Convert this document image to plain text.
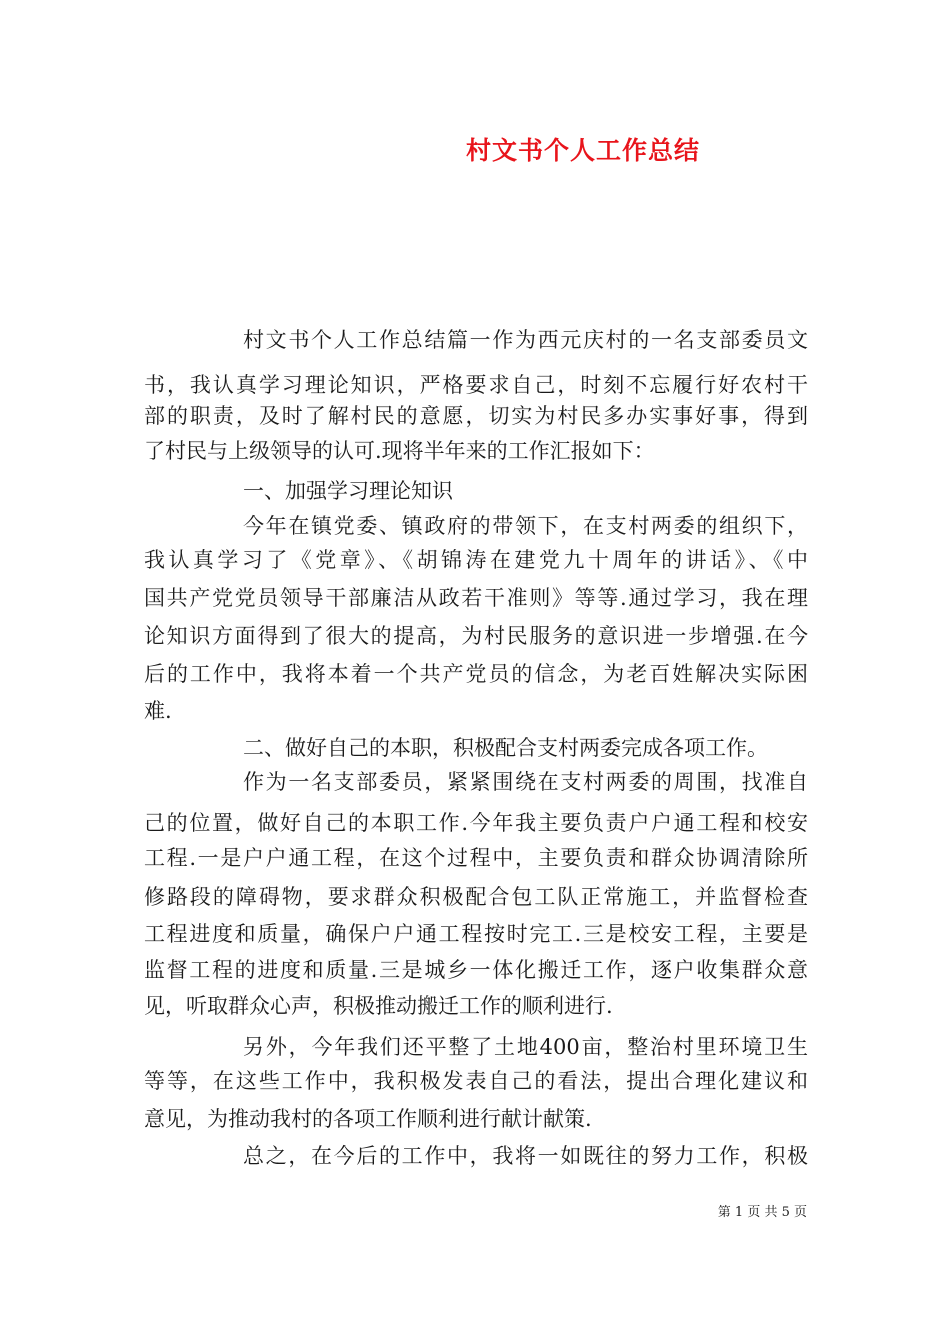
村文书个人工作总结
村文书个人工作总结篇一作为西元庆村的一名支部委员文
书，我认真学习理论知识，严格要求自己，时刻不忘履行好农村干
部的职责，及时了解村民的意愿，切实为村民多办实事好事，得到
了村民与上级领导的认可.现将半年来的工作汇报如下：
一、加强学习理论知识
今年在镇党委、镇政府的带领下，在支村两委的组织下，
我认真学习了《党章》、《胡锦涛在建党九十周年的讲话》、《中
国共产党党员领导干部廉洁从政若干准则》等等.通过学习，我在理
论知识方面得到了很大的提高，为村民服务的意识进一步增强.在今
后的工作中，我将本着一个共产党员的信念，为老百姓解决实际困
难.
二、做好自己的本职，积极配合支村两委完成各项工作。
作为一名支部委员，紧紧围绕在支村两委的周围，找准自
己的位置，做好自己的本职工作.今年我主要负责户户通工程和校安
工程.一是户户通工程，在这个过程中，主要负责和群众协调清除所
修路段的障碍物，要求群众积极配合包工队正常施工，并监督检查
工程进度和质量，确保户户通工程按时完工.三是校安工程，主要是
监督工程的进度和质量.三是城乡一体化搬迁工作，逐户收集群众意
见，听取群众心声，积极推动搬迁工作的顺利进行.
另外，今年我们还平整了土地400亩，整治村里环境卫生
等等，在这些工作中，我积极发表自己的看法，提出合理化建议和
意见，为推动我村的各项工作顺利进行献计献策.
总之，在今后的工作中，我将一如既往的努力工作，积极
第 1 页 共 5 页
